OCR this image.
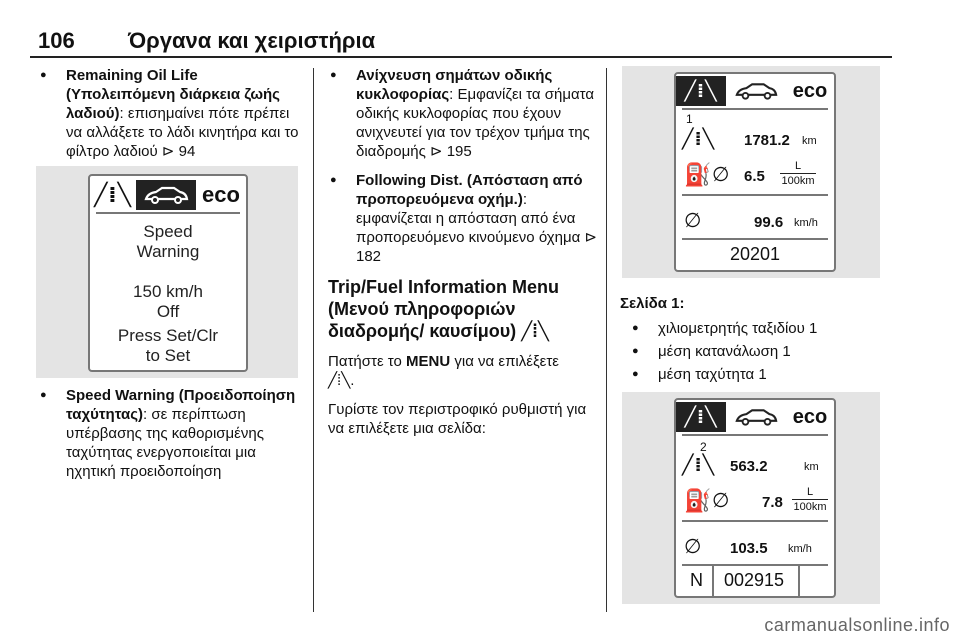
106 Όργανα και χειριστήρια
● Remaining Oil Life (Υπολειπόμενη διάρκεια ζωής λαδιού): επισημαίνει πότε πρέπει να αλλάξετε το λάδι κινητήρα και το φίλτρο λαδιού ⊳ 94
● Speed Warning (Προειδοποίηση ταχύτητας): σε περίπτωση υπέρβασης της καθορισμένης ταχύτητας ενεργοποιείται μια ηχητική προειδοποίηση
╱⁞╲	eco
Speed
Warning
150 km/h
Off
Press Set/Clr
to Set
● Ανίχνευση σημάτων οδικής κυκλοφορίας: Εμφανίζει τα σήματα οδικής κυκλοφορίας που έχουν ανιχνευτεί για τον τρέχον τμήμα της διαδρομής ⊳ 195
● Following Dist. (Απόσταση από προπορευόμενα οχήμ.): εμφανίζεται η απόσταση από ένα προπορευόμενο κινούμενο όχημα ⊳ 182
Trip/Fuel Information Menu (Μενού πληροφοριών διαδρομής/ καυσίμου) ╱⁞╲
Πατήστε το MENU για να επιλέξετε
╱⁞╲.
Γυρίστε τον περιστροφικό ρυθμιστή για να επιλέξετε μια σελίδα:
╱⁞╲	eco
1
╱⁞╲ 1781.2 km
⛽ ∅ 6.5
L
100km
∅	99.6 km/h
20201
Σελίδα 1:
● χιλιομετρητής ταξιδίου 1
● μέση κατανάλωση 1
● μέση ταχύτητα 1
╱⁞╲	eco
2
╱⁞╲ 563.2	km
⛽ ∅ 7.8
L
100km
∅ 103.5 km/h
N 002915
carmanualsonline.info
